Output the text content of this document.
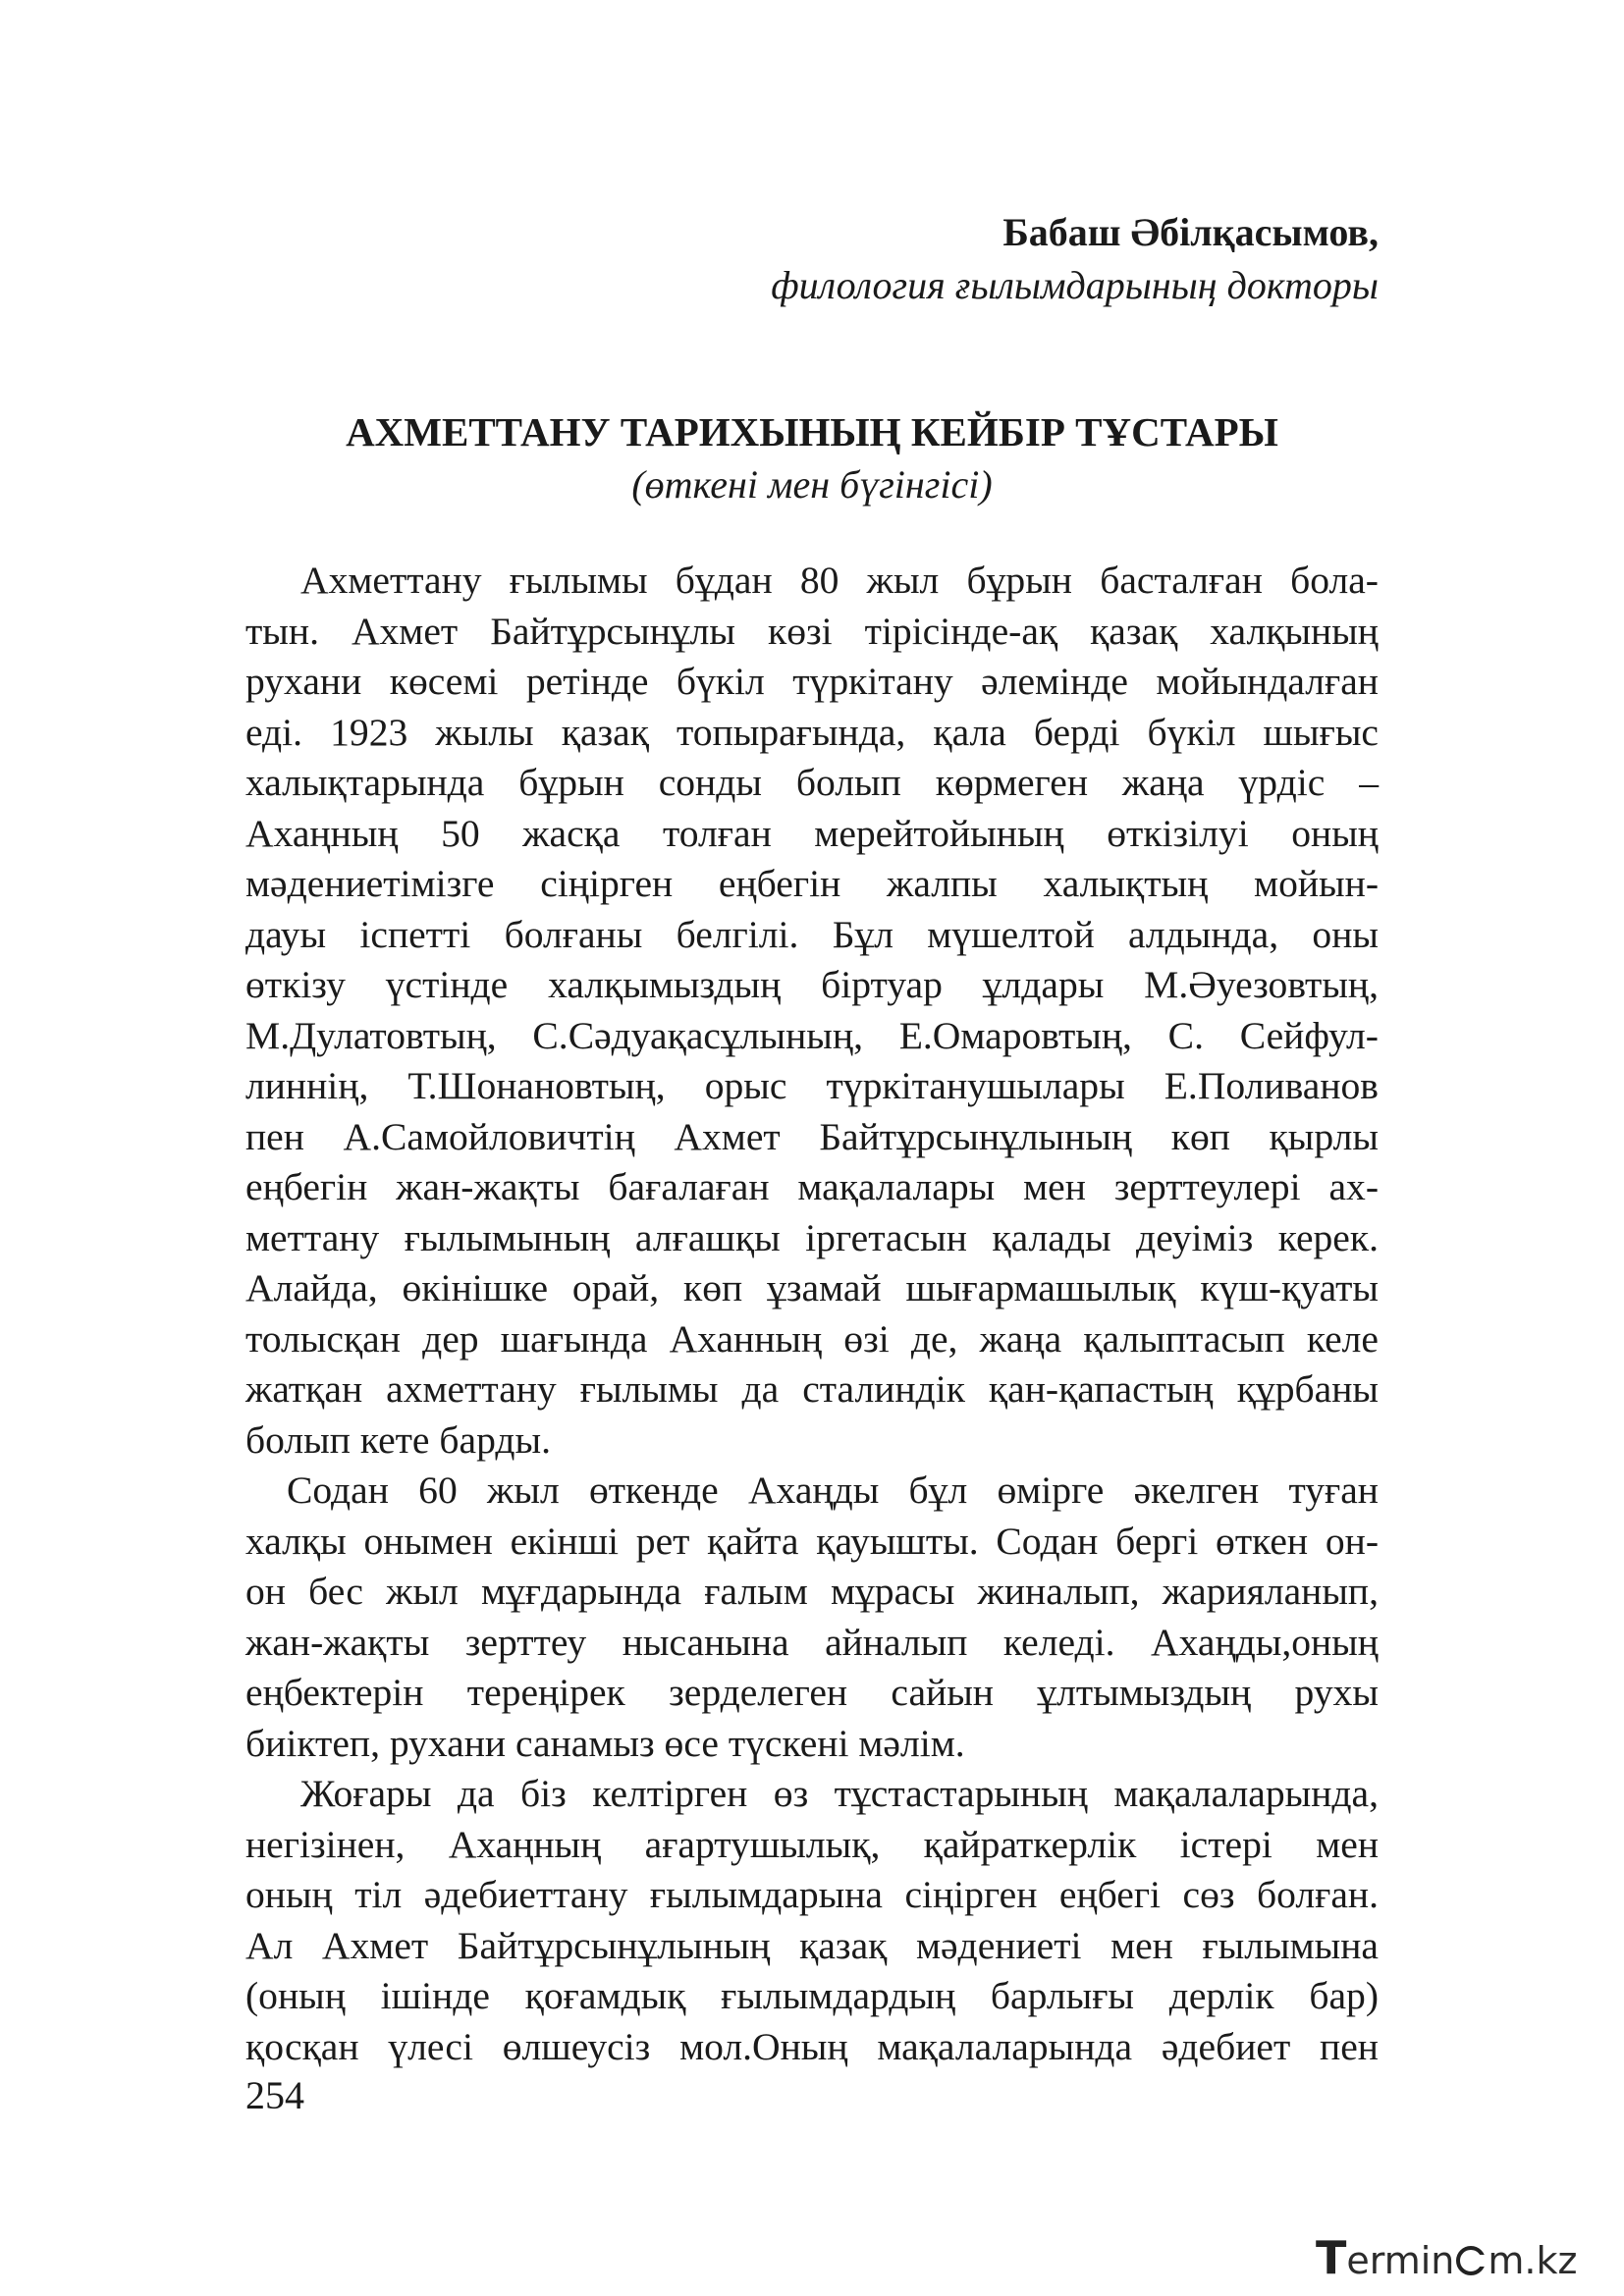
Бабаш Әбілқасымов,
филология ғылымдарының докторы
АХМЕТТАНУ ТАРИХЫНЫҢ КЕЙБІР ТҰСТАРЫ
(өткені мен бүгінгісі)
Ахметтану ғылымы бұдан 80 жыл бұрын басталған бола-
тын. Ахмет Байтұрсынұлы көзі тірісінде-ақ қазақ халқының
рухани көсемі ретінде бүкіл түркітану әлемінде мойындалған
еді. 1923 жылы қазақ топырағында, қала берді бүкіл шығыс
халықтарында бұрын сонды болып көрмеген жаңа үрдіс –
Ахаңның 50 жасқа толған мерейтойының өткізілуі оның
мәдениетімізге сіңірген еңбегін жалпы халықтың мойын-
дауы іспетті болғаны белгілі. Бұл мүшелтой алдында, оны
өткізу үстінде халқымыздың біртуар ұлдары М.Әуезовтың,
М.Дулатовтың, С.Сәдуақасұлының, Е.Омаровтың, С. Сейфул-
линнің, Т.Шонановтың, орыс түркітанушылары Е.Поливанов
пен А.Самойловичтің Ахмет Байтұрсынұлының көп қырлы
еңбегін жан-жақты бағалаған мақалалары мен зерттеулері ах-
меттану ғылымының алғашқы іргетасын қалады деуіміз керек.
Алайда, өкінішке орай, көп ұзамай шығармашылық күш-қуаты
толысқан дер шағында Аханның өзі де, жаңа қалыптасып келе
жатқан ахметтану ғылымы да сталиндік қан-қапастың құрбаны
болып кете барды.
Содан 60 жыл өткенде Ахаңды бұл өмірге әкелген туған
халқы онымен екінші рет қайта қауышты. Содан бергі өткен он-
он бес жыл мұғдарында ғалым мұрасы жиналып, жарияланып,
жан-жақты зерттеу нысанына айналып келеді. Ахаңды,оның
еңбектерін тереңірек зерделеген сайын ұлтымыздың рухы
биіктеп, рухани санамыз өсе түскені мәлім.
Жоғары да біз келтірген өз тұстастарының мақалаларында,
негізінен, Ахаңның ағартушылық, қайраткерлік істері мен
оның тіл әдебиеттану ғылымдарына сіңірген еңбегі сөз болған.
Ал Ахмет Байтұрсынұлының қазақ мәдениеті мен ғылымына
(оның ішінде қоғамдық ғылымдардың барлығы дерлік бар)
қосқан үлесі өлшеусіз мол.Оның мақалаларында әдебиет пен
254
Termin m.kz
